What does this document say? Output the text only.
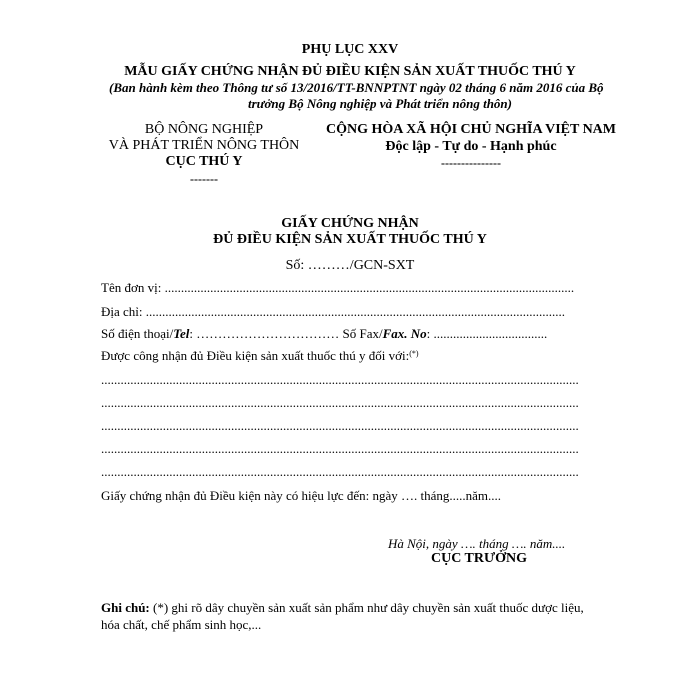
PHỤ LỤC XXV
MẪU GIẤY CHỨNG NHẬN ĐỦ ĐIỀU KIỆN SẢN XUẤT THUỐC THÚ Y
(Ban hành kèm theo Thông tư số 13/2016/TT-BNNPTNT ngày 02 tháng 6 năm 2016 của Bộ
trưởng Bộ Nông nghiệp và Phát triển nông thôn)
BỘ NÔNG NGHIỆP
VÀ PHÁT TRIỂN NÔNG THÔN
CỤC THÚ Y
-------
CỘNG HÒA XÃ HỘI CHỦ NGHĨA VIỆT NAM
Độc lập - Tự do - Hạnh phúc
---------------
GIẤY CHỨNG NHẬN
ĐỦ ĐIỀU KIỆN SẢN XUẤT THUỐC THÚ Y
Số: ………/GCN-SXT
Tên đơn vị: ..............................................................................................................................
Địa chỉ: .................................................................................................................................
Số điện thoại/Tel: …………………………… Số Fax/Fax. No: ...................................
Được công nhận đủ Điều kiện sản xuất thuốc thú y đối với:(*)
...................................................................................................................................................
...................................................................................................................................................
...................................................................................................................................................
...................................................................................................................................................
...................................................................................................................................................
Giấy chứng nhận đủ Điều kiện này có hiệu lực đến: ngày …. tháng.....năm....
Hà Nội, ngày …. tháng …. năm....
CỤC TRƯỞNG
Ghi chú: (*) ghi rõ dây chuyền sản xuất sản phẩm như dây chuyền sản xuất thuốc dược liệu,
hóa chất, chế phẩm sinh học,...
